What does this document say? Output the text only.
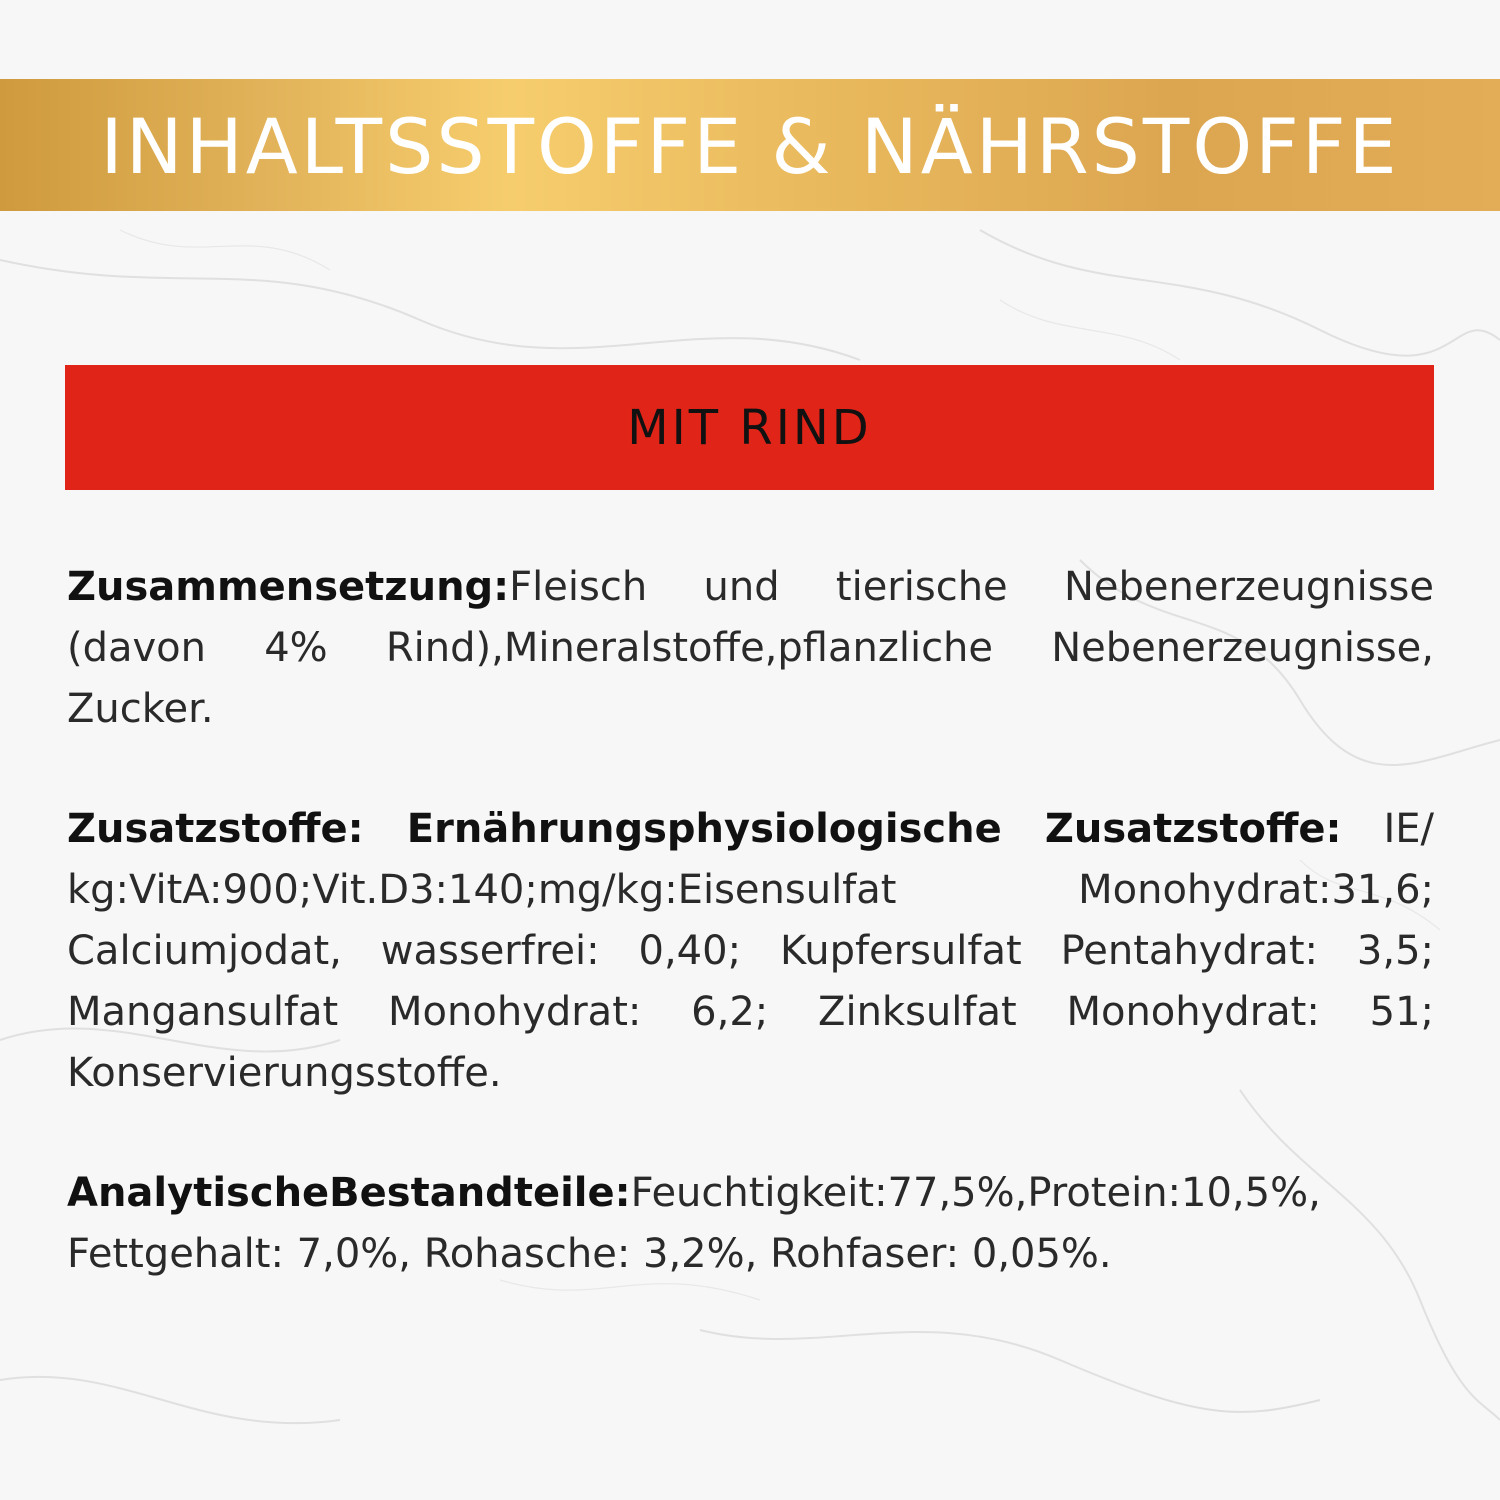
INHALTSSTOFFE & NÄHRSTOFFE
MIT RIND

Zusammensetzung:Fleisch und tierische Nebenerzeugnisse (davon 4% Rind),Mineralstoffe,pflanzliche Nebenerzeugnisse, Zucker.

Zusatzstoffe: Ernährungsphysiologische Zusatzstoffe: IE/ kg:VitA:900;Vit.D3:140;mg/kg:Eisensulfat Monohydrat:31,6; Calciumjodat, wasserfrei: 0,40; Kupfersulfat Pentahydrat: 3,5; Mangansulfat Monohydrat: 6,2; Zinksulfat Monohydrat: 51; Konservierungsstoffe.

AnalytischeBestandteile:Feuchtigkeit:77,5%,Protein:10,5%, Fettgehalt: 7,0%, Rohasche: 3,2%, Rohfaser: 0,05%.
